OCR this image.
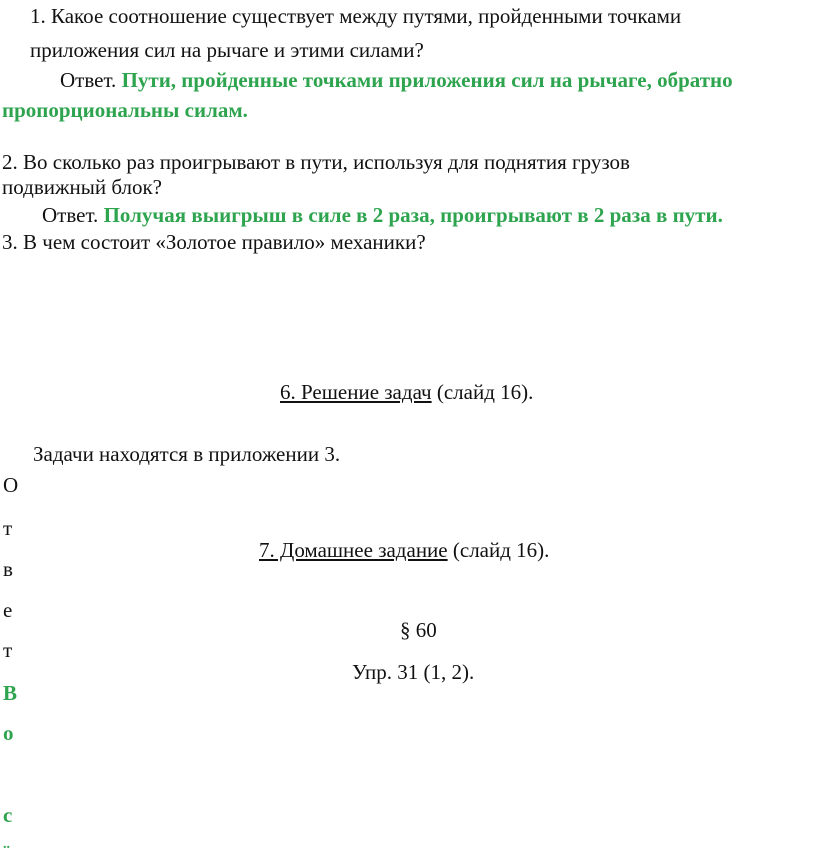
1. Какое соотношение существует между путями, пройденными точками
приложения сил на рычаге и этими силами?
Ответ. Пути, пройденные точками приложения сил на рычаге, обратно
пропорциональны силам.
2. Во сколько раз проигрывают в пути, используя для поднятия грузов
подвижный блок?
Ответ. Получая выигрыш в силе в 2 раза, проигрывают в 2 раза в пути.
3. В чем состоит «Золотое правило» механики?
6. Решение задач (слайд 16).
Задачи находятся в приложении 3.
7. Домашнее задание (слайд 16).
§ 60
Упр. 31 (1, 2).
О
т
в
е
т
В
о
с
..
